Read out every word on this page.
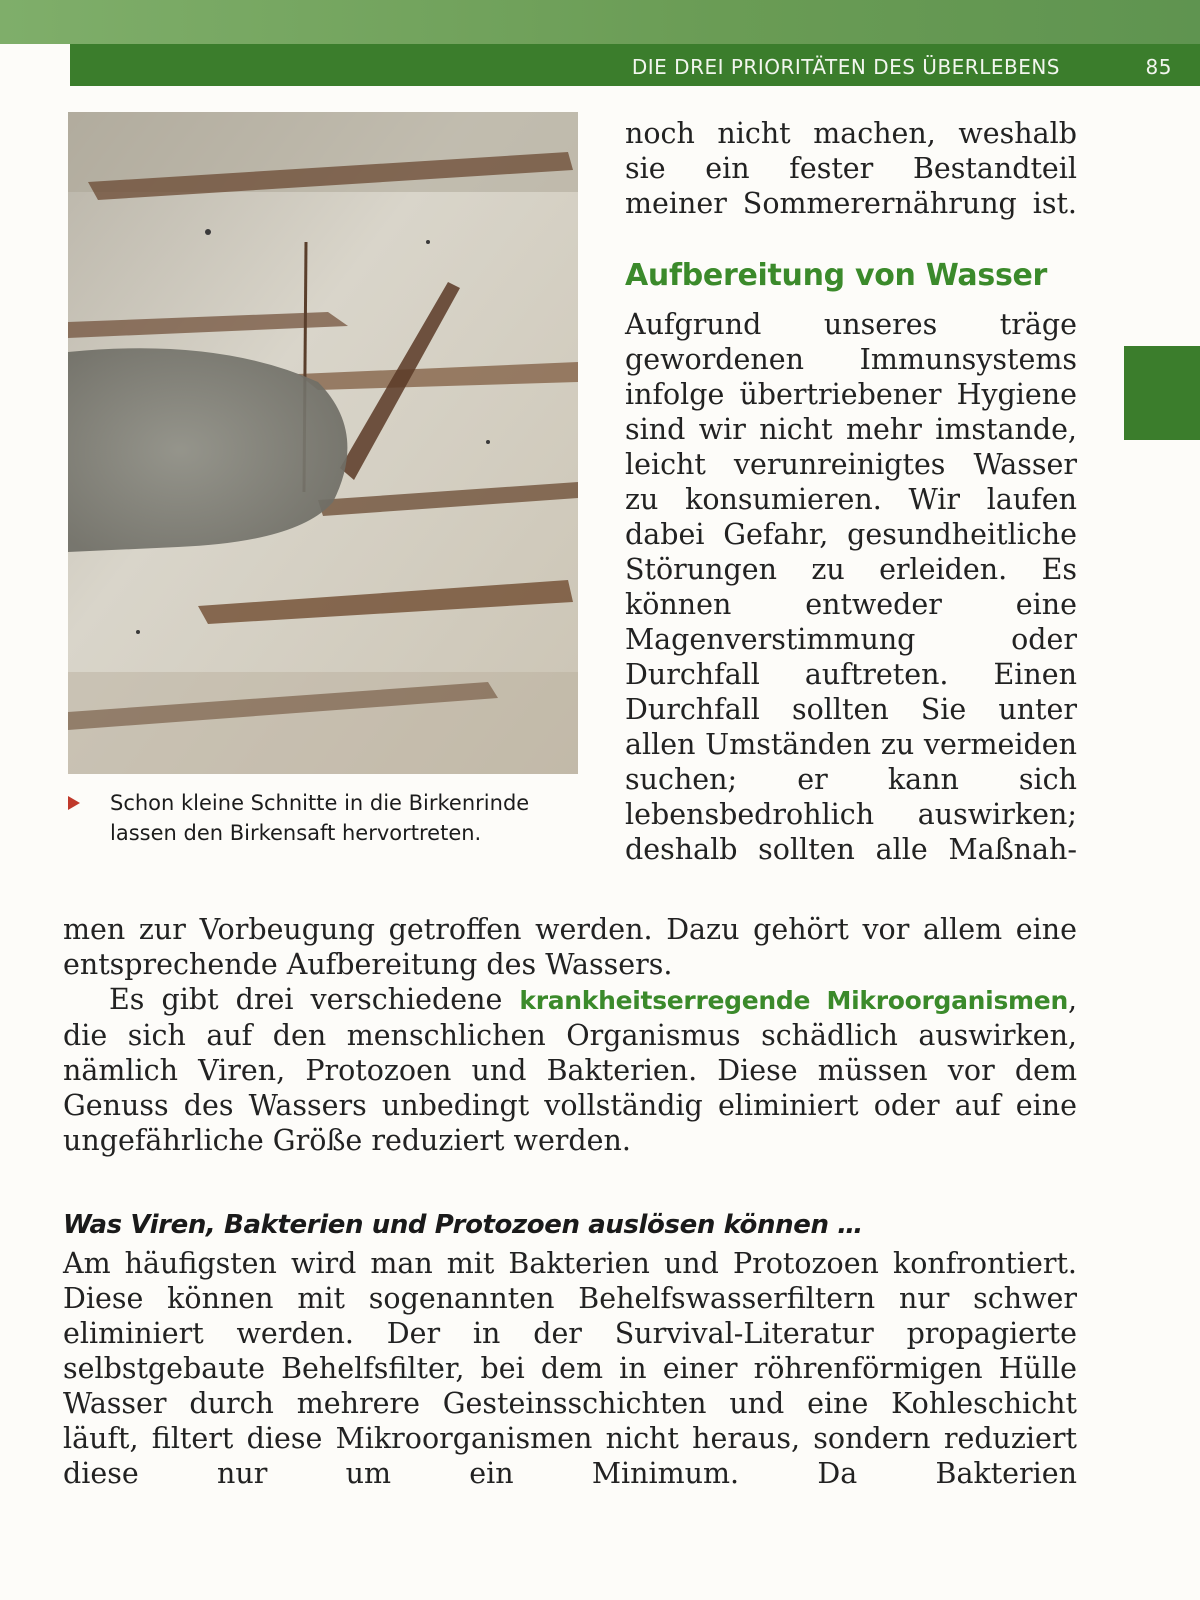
DIE DREI PRIORITÄTEN DES ÜBERLEBENS	85
Schon kleine Schnitte in die Birkenrinde lassen den Birkensaft hervortreten.

noch nicht machen, weshalb sie ein fester Bestandteil meiner Sommerernährung ist.

Aufbereitung von Wasser

Aufgrund unseres träge gewordenen Immunsystems infolge übertriebener Hygiene sind wir nicht mehr imstande, leicht verunreinigtes Wasser zu konsumieren. Wir laufen dabei Gefahr, gesundheitliche Störungen zu erleiden. Es können entweder eine Magenverstimmung oder Durchfall auftreten. Einen Durchfall sollten Sie unter allen Umständen zu vermeiden suchen; er kann sich lebensbedrohlich auswirken; deshalb sollten alle Maßnah-

men zur Vorbeugung getroffen werden. Dazu gehört vor allem eine entsprechende Aufbereitung des Wassers.

Es gibt drei verschiedene krankheitserregende Mikroorganismen, die sich auf den menschlichen Organismus schädlich auswirken, nämlich Viren, Protozoen und Bakterien. Diese müssen vor dem Genuss des Wassers unbedingt vollständig eliminiert oder auf eine ungefährliche Größe reduziert werden.

Was Viren, Bakterien und Protozoen auslösen können …

Am häufigsten wird man mit Bakterien und Protozoen konfrontiert. Diese können mit sogenannten Behelfswasserfiltern nur schwer eliminiert werden. Der in der Survival-Literatur propagierte selbstgebaute Behelfsfilter, bei dem in einer röhrenförmigen Hülle Wasser durch mehrere Gesteinsschichten und eine Kohleschicht läuft, filtert diese Mikroorganismen nicht heraus, sondern reduziert diese nur um ein Minimum. Da Bakterien
